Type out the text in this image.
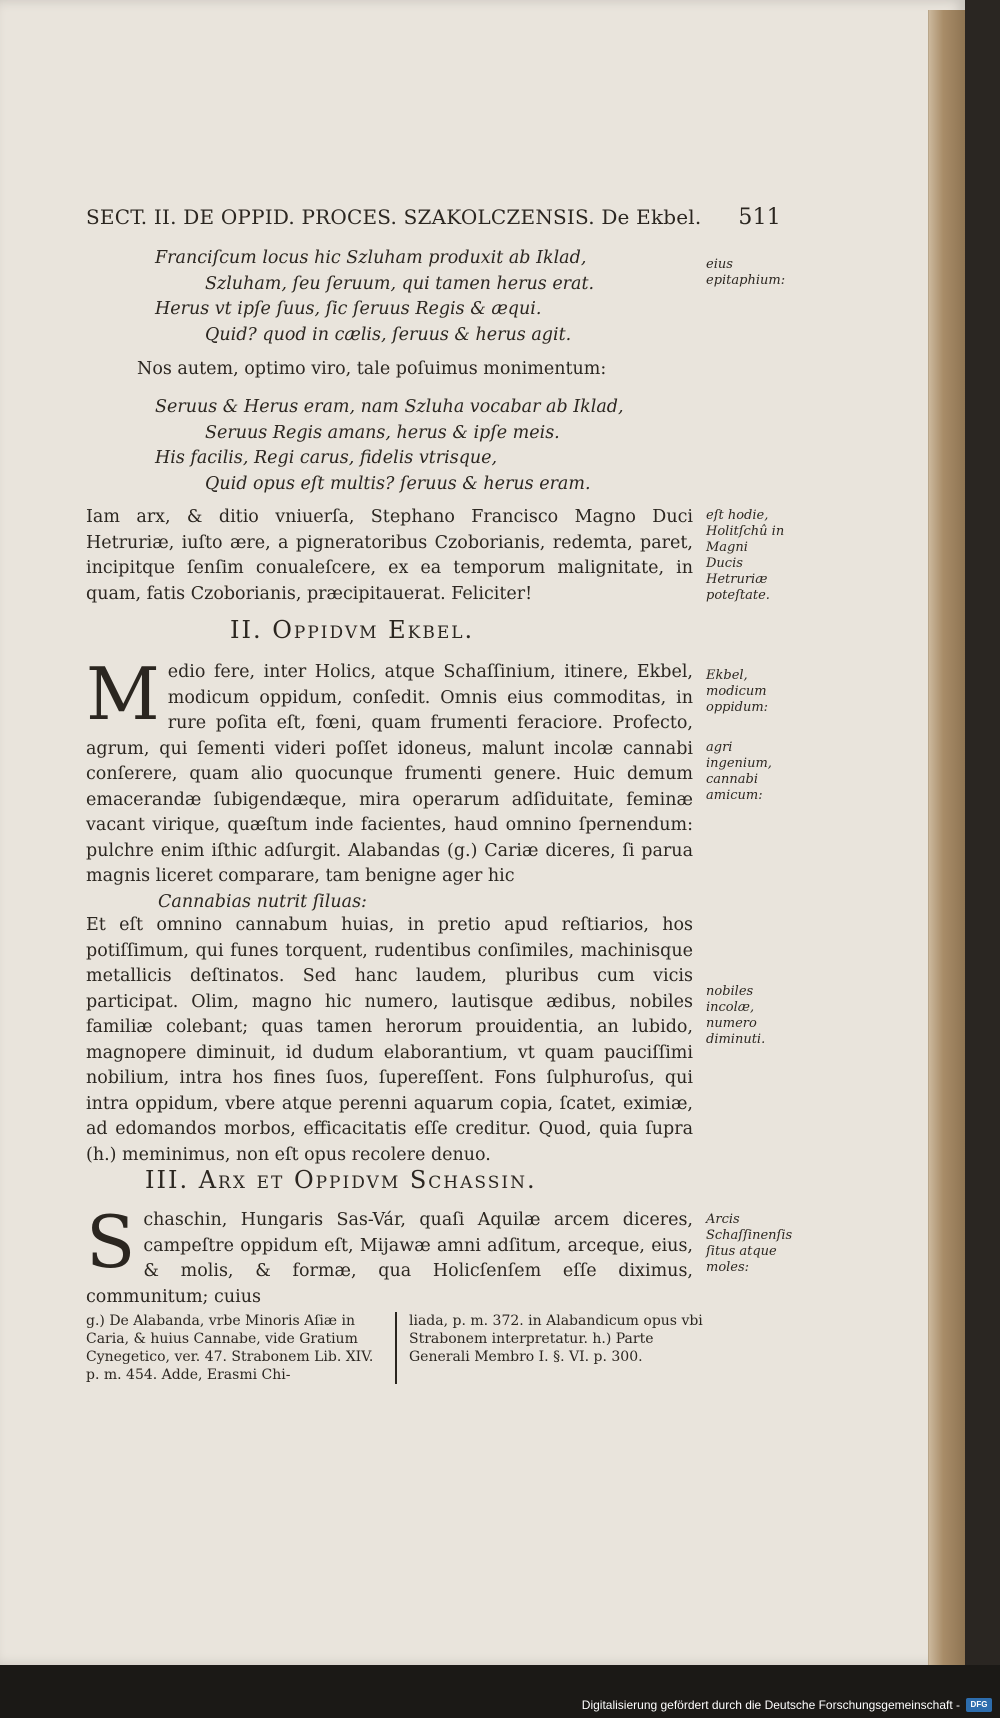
SECT. II. DE OPPID. PROCES. SZAKOLCZENSIS. De Ekbel. 511
Franciſcum locus hic Szluham produxit ab Iklad,
Szluham, ſeu ſeruum, qui tamen herus erat.
Herus vt ipſe ſuus, ſic ſeruus Regis & æqui.
Quid? quod in cælis, ſeruus & herus agit.
Nos autem, optimo viro, tale poſuimus monimentum:
Seruus & Herus eram, nam Szluha vocabar ab Iklad,
Seruus Regis amans, herus & ipſe meis.
His facilis, Regi carus, fidelis vtrisque,
Quid opus eſt multis? ſeruus & herus eram.
Iam arx, & ditio vniuerſa, Stephano Francisco Magno Duci Hetruriæ, iuſto ære, a pigneratoribus Czoborianis, redemta, paret, incipitque ſenſim conualeſcere, ex ea temporum malignitate, in quam, fatis Czoborianis, præcipitauerat. Feliciter!
II. Oppidvm Ekbel.
M edio fere, inter Holics, atque Schaſſinium, itinere, Ekbel, modicum oppidum, conſedit. Omnis eius commoditas, in rure poſita eſt, fœni, quam frumenti feraciore. Profecto, agrum, qui ſementi videri poſſet idoneus, malunt incolæ cannabi conſerere, quam alio quocunque frumenti genere. Huic demum emacerandæ ſubigendæque, mira operarum adſiduitate, feminæ vacant virique, quæſtum inde facientes, haud omnino ſpernendum: pulchre enim iſthic adſurgit. Alabandas (g.) Cariæ diceres, ſi parua magnis liceret comparare, tam benigne ager hic
Cannabias nutrit ſiluas:
Et eſt omnino cannabum huias, in pretio apud reſtiarios, hos potiſſimum, qui funes torquent, rudentibus conſimiles, machinisque metallicis deſtinatos. Sed hanc laudem, pluribus cum vicis participat. Olim, magno hic numero, lautisque ædibus, nobiles familiæ colebant; quas tamen herorum prouidentia, an lubido, magnopere diminuit, id dudum elaborantium, vt quam pauciſſimi nobilium, intra hos fines ſuos, ſupereſſent. Fons ſulphuroſus, qui intra oppidum, vbere atque perenni aquarum copia, ſcatet, eximiæ, ad edomandos morbos, efficacitatis eſſe creditur. Quod, quia ſupra (h.) meminimus, non eſt opus recolere denuo.
III. Arx et Oppidvm Schassin.
S chaschin, Hungaris Sas-Vár, quaſi Aquilæ arcem diceres, campeſtre oppidum eſt, Mijawæ amni adſitum, arceque, eius, & molis, & formæ, qua Holicſenſem eſſe diximus, communitum; cuius
eius epitaphium:
eſt hodie, Holitſchû in Magni Ducis Hetruriæ poteſtate.
Ekbel, modicum oppidum:
agri ingenium, cannabi amicum:
nobiles incolæ, numero diminuti.
Arcis Schaſſinenſis ſitus atque moles:
g.) De Alabanda, vrbe Minoris Aſiæ in Caria, & huius Cannabe, vide Gratium Cynegetico, ver. 47. Strabonem Lib. XIV. p. m. 454. Adde, Erasmi Chi-
liada, p. m. 372. in Alabandicum opus vbi Strabonem interpretatur. h.) Parte Generali Membro I. §. VI. p. 300.
Digitalisierung gefördert durch die Deutsche Forschungsgemeinschaft -	DFG
